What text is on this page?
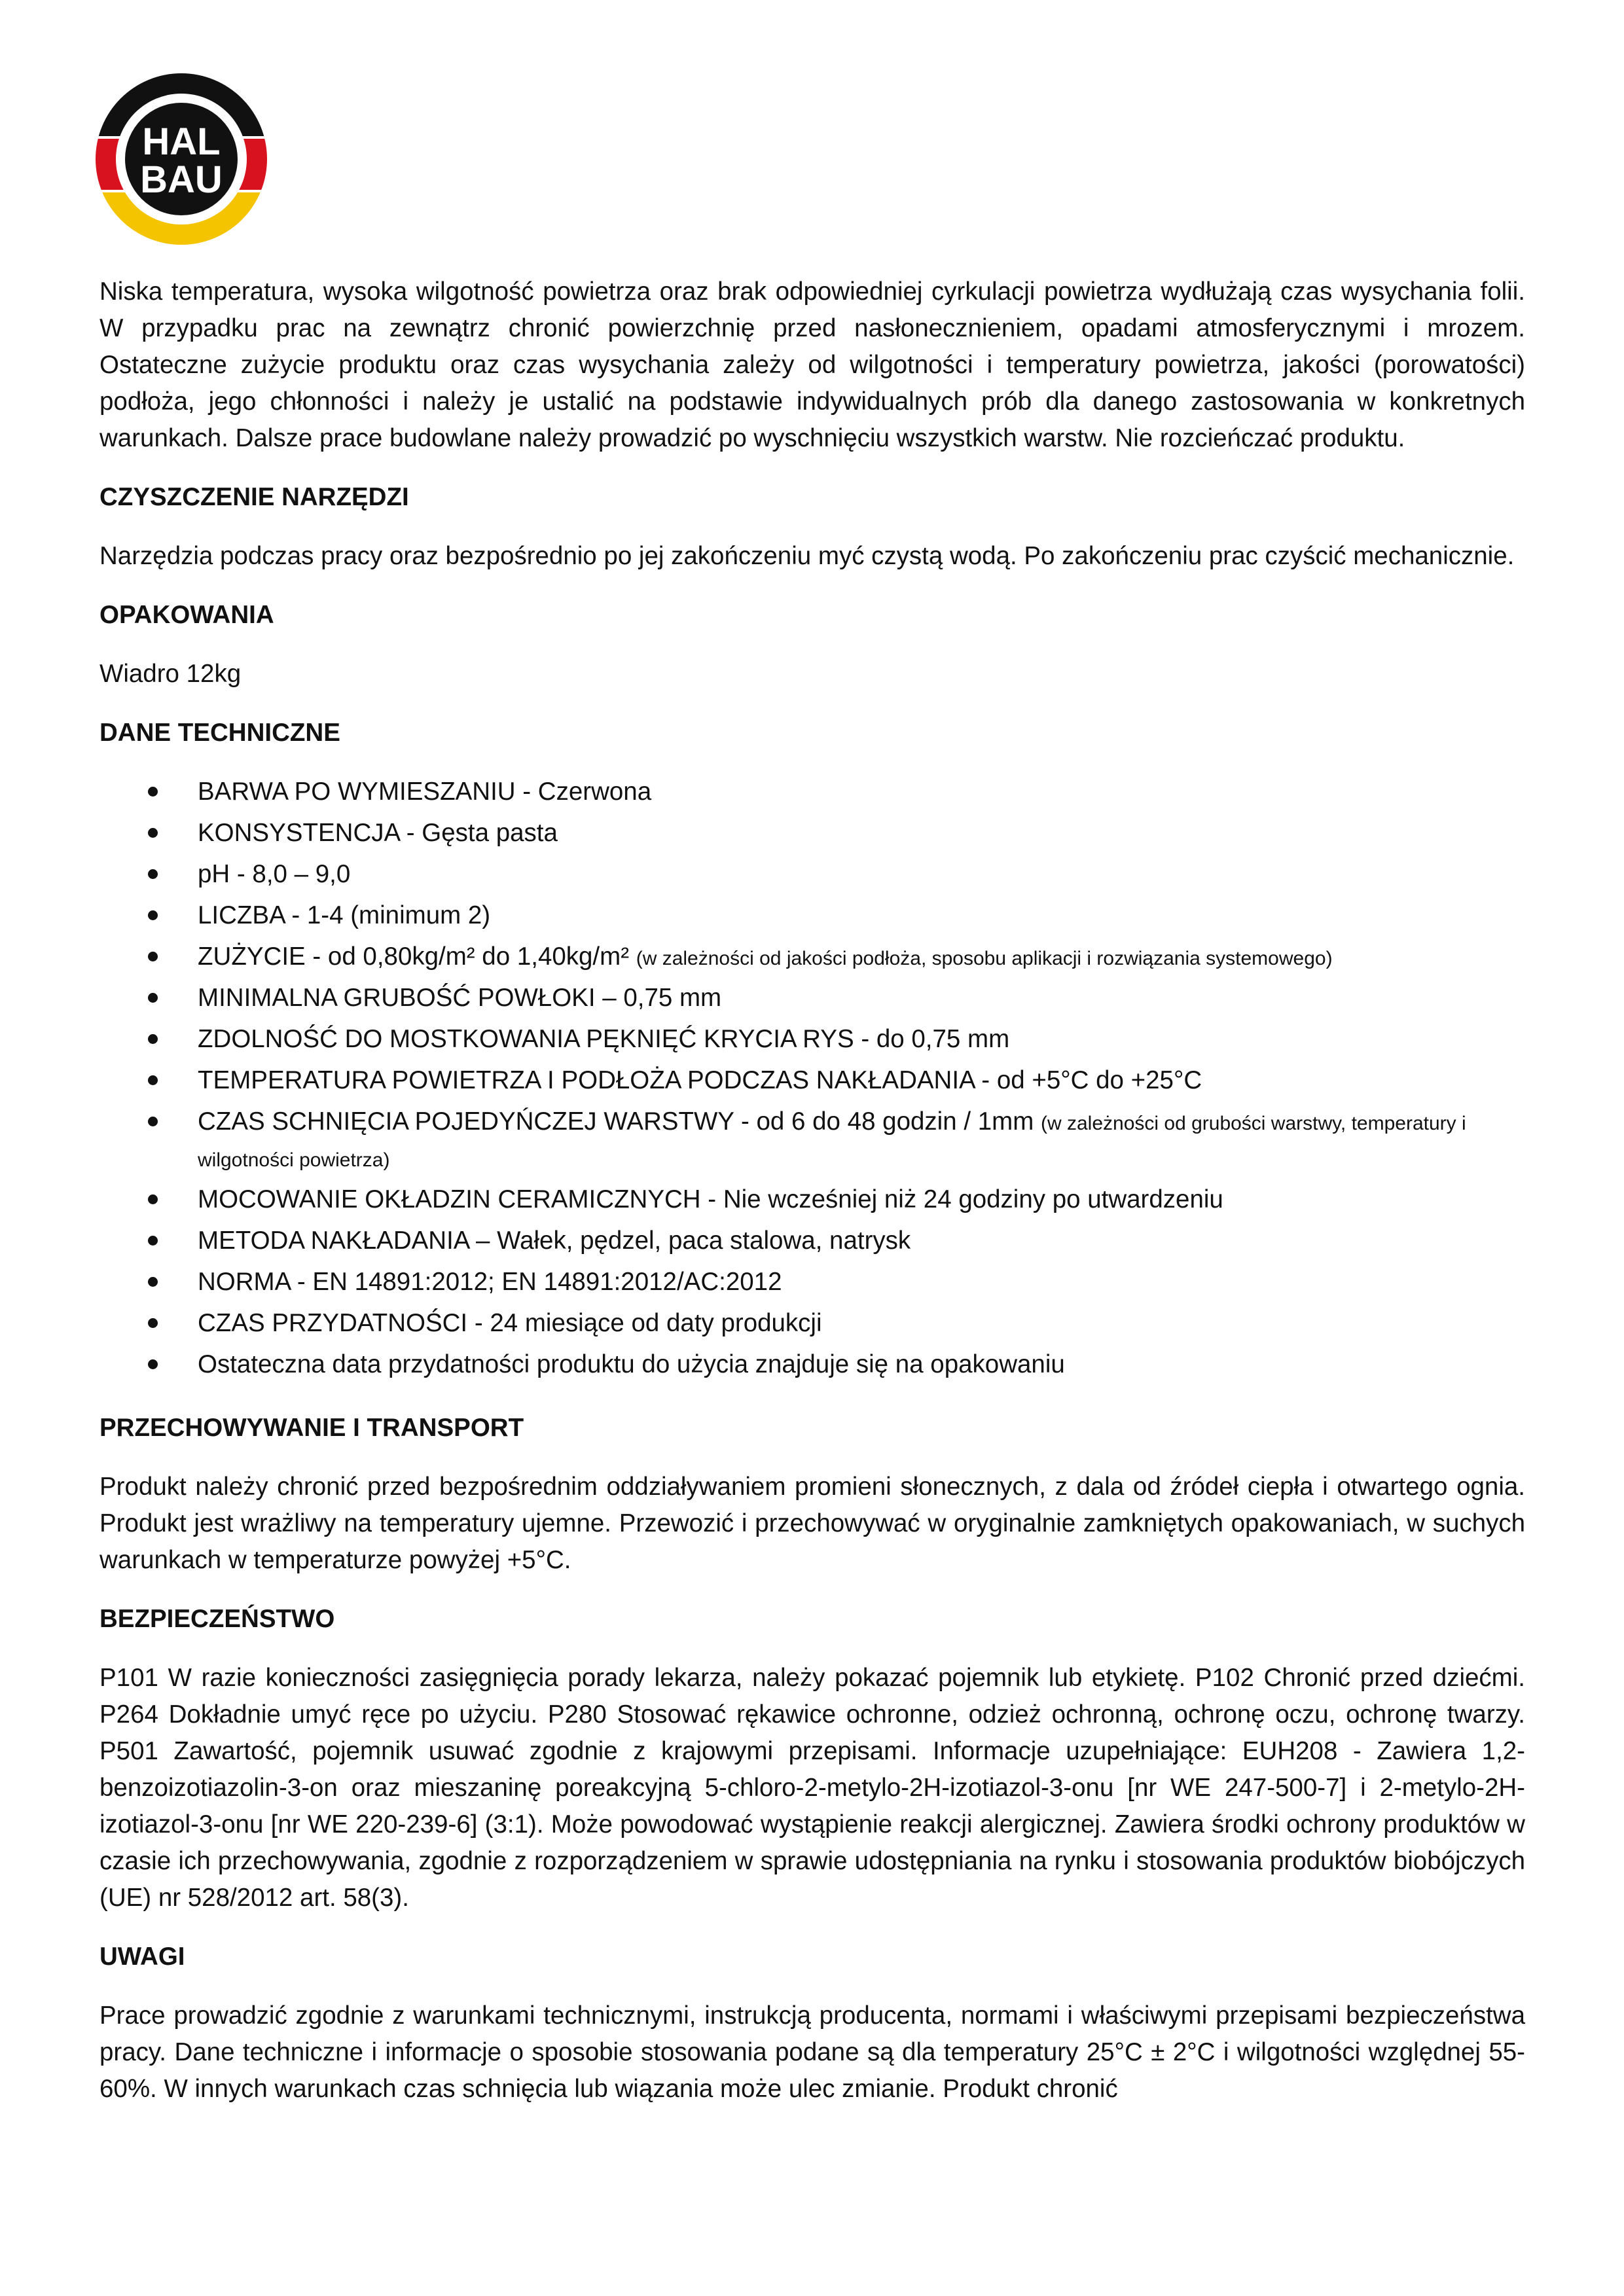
HAL
BAU

Niska temperatura, wysoka wilgotność powietrza oraz brak odpowiedniej cyrkulacji powietrza wydłużają czas wysychania folii. W przypadku prac na zewnątrz chronić powierzchnię przed nasłonecznieniem, opadami atmosferycznymi i mrozem. Ostateczne zużycie produktu oraz czas wysychania zależy od wilgotności i temperatury powietrza, jakości (porowatości) podłoża, jego chłonności i należy je ustalić na podstawie indywidualnych prób dla danego zastosowania w konkretnych warunkach. Dalsze prace budowlane należy prowadzić po wyschnięciu wszystkich warstw. Nie rozcieńczać produktu.

CZYSZCZENIE NARZĘDZI

Narzędzia podczas pracy oraz bezpośrednio po jej zakończeniu myć czystą wodą. Po zakończeniu prac czyścić mechanicznie.

OPAKOWANIA

Wiadro 12kg

DANE TECHNICZNE

BARWA PO WYMIESZANIU - Czerwona
KONSYSTENCJA - Gęsta pasta
pH - 8,0 – 9,0
LICZBA - 1-4 (minimum 2)
ZUŻYCIE - od 0,80kg/m² do 1,40kg/m² (w zależności od jakości podłoża, sposobu aplikacji i rozwiązania systemowego)
MINIMALNA GRUBOŚĆ POWŁOKI – 0,75 mm
ZDOLNOŚĆ DO MOSTKOWANIA PĘKNIĘĆ KRYCIA RYS - do 0,75 mm
TEMPERATURA POWIETRZA I PODŁOŻA PODCZAS NAKŁADANIA - od +5°C do +25°C
CZAS SCHNIĘCIA POJEDYŃCZEJ WARSTWY - od 6 do 48 godzin / 1mm (w zależności od grubości warstwy, temperatury i wilgotności powietrza)
MOCOWANIE OKŁADZIN CERAMICZNYCH - Nie wcześniej niż 24 godziny po utwardzeniu
METODA NAKŁADANIA – Wałek, pędzel, paca stalowa, natrysk
NORMA - EN 14891:2012; EN 14891:2012/AC:2012
CZAS PRZYDATNOŚCI - 24 miesiące od daty produkcji
Ostateczna data przydatności produktu do użycia znajduje się na opakowaniu

PRZECHOWYWANIE I TRANSPORT

Produkt należy chronić przed bezpośrednim oddziaływaniem promieni słonecznych, z dala od źródeł ciepła i otwartego ognia. Produkt jest wrażliwy na temperatury ujemne. Przewozić i przechowywać w oryginalnie zamkniętych opakowaniach, w suchych warunkach w temperaturze powyżej +5°C.

BEZPIECZEŃSTWO

P101 W razie konieczności zasięgnięcia porady lekarza, należy pokazać pojemnik lub etykietę. P102 Chronić przed dziećmi. P264 Dokładnie umyć ręce po użyciu. P280 Stosować rękawice ochronne, odzież ochronną, ochronę oczu, ochronę twarzy. P501 Zawartość, pojemnik usuwać zgodnie z krajowymi przepisami. Informacje uzupełniające: EUH208 - Zawiera 1,2- benzoizotiazolin-3-on oraz mieszaninę poreakcyjną 5-chloro-2-metylo-2H-izotiazol-3-onu [nr WE 247-500-7] i 2-metylo-2H-izotiazol-3-onu [nr WE 220-239-6] (3:1). Może powodować wystąpienie reakcji alergicznej. Zawiera środki ochrony produktów w czasie ich przechowywania, zgodnie z rozporządzeniem w sprawie udostępniania na rynku i stosowania produktów biobójczych (UE) nr 528/2012 art. 58(3).

UWAGI

Prace prowadzić zgodnie z warunkami technicznymi, instrukcją producenta, normami i właściwymi przepisami bezpieczeństwa pracy. Dane techniczne i informacje o sposobie stosowania podane są dla temperatury 25°C ± 2°C i wilgotności względnej 55-60%. W innych warunkach czas schnięcia lub wiązania może ulec zmianie. Produkt chronić
